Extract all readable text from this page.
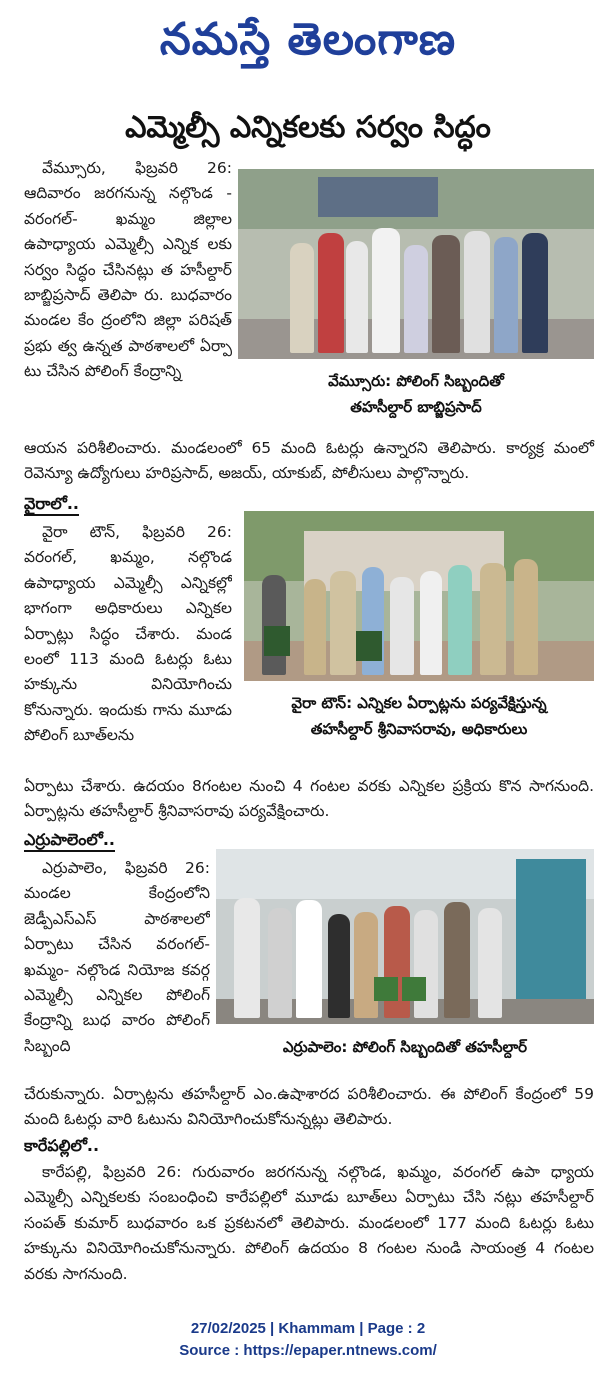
నమస్తే తెలంగాణ
ఎమ్మెల్సీ ఎన్నికలకు సర్వం సిద్ధం

వేమ్సూరు, ఫిబ్రవరి 26: ఆదివారం జరగనున్న నల్గొండ - వరంగల్- ఖమ్మం జిల్లాల ఉపాధ్యాయ ఎమ్మెల్సీ ఎన్నిక లకు సర్వం సిద్ధం చేసినట్లు త హసీల్దార్ బాబ్జిప్రసాద్ తెలిపా రు. బుధవారం మండల కేం ద్రంలోని జిల్లా పరిషత్ ప్రభు త్వ ఉన్నత పాఠశాలలో ఏర్పా టు చేసిన పోలింగ్ కేంద్రాన్ని

వేమ్సూరు: పోలింగ్ సిబ్బందితో
తహసీల్దార్ బాబ్జిప్రసాద్

ఆయన పరిశీలించారు. మండలంలో 65 మంది ఓటర్లు ఉన్నారని తెలిపారు. కార్యక్ర మంలో రెవెన్యూ ఉద్యోగులు హరిప్రసాద్, అజయ్, యాకుబ్, పోలీసులు పాల్గొన్నారు.

వైరాలో..

వైరా టౌన్, ఫిబ్రవరి 26: వరంగల్, ఖమ్మం, నల్గొండ ఉపాధ్యాయ ఎమ్మెల్సీ ఎన్నికల్లో భాగంగా అధికారులు ఎన్నికల ఏర్పాట్లు సిద్ధం చేశారు. మండ లంలో 113 మంది ఓటర్లు ఓటు హక్కును వినియోగించు కోనున్నారు. ఇందుకు గాను మూడు పోలింగ్ బూత్‌లను

వైరా టౌన్: ఎన్నికల ఏర్పాట్లను పర్యవేక్షిస్తున్న
తహసీల్దార్ శ్రీనివాసరావు, అధికారులు

ఏర్పాటు చేశారు. ఉదయం 8గంటల నుంచి 4 గంటల వరకు ఎన్నికల ప్రక్రియ కొన సాగనుంది. ఏర్పాట్లను తహసీల్దార్ శ్రీనివాసరావు పర్యవేక్షించారు.

ఎర్రుపాలెంలో..

ఎర్రుపాలెం, ఫిబ్రవరి 26: మండల కేంద్రంలోని జెడ్పీఎస్ఎస్ పాఠశాలలో ఏర్పాటు చేసిన వరంగల్- ఖమ్మం- నల్గొండ నియోజ కవర్గ ఎమ్మెల్సీ ఎన్నికల పోలింగ్ కేంద్రాన్ని బుధ వారం పోలింగ్ సిబ్బంది	ఎర్రుపాలెం: పోలింగ్ సిబ్బందితో తహసీల్దార్

చేరుకున్నారు. ఏర్పాట్లను తహసీల్దార్ ఎం.ఉషాశారద పరిశీలించారు. ఈ పోలింగ్ కేంద్రంలో 59 మంది ఓటర్లు వారి ఓటును వినియోగించుకోనున్నట్లు తెలిపారు.

కారేపల్లిలో..

కారేపల్లి, ఫిబ్రవరి 26: గురువారం జరగనున్న నల్గొండ, ఖమ్మం, వరంగల్ ఉపా ధ్యాయ ఎమ్మెల్సీ ఎన్నికలకు సంబంధించి కారేపల్లిలో మూడు బూత్‌లు ఏర్పాటు చేసి నట్లు తహసీల్దార్ సంపత్ కుమార్ బుధవారం ఒక ప్రకటనలో తెలిపారు. మండలంలో 177 మంది ఓటర్లు ఓటు హక్కును వినియోగించుకోనున్నారు. పోలింగ్ ఉదయం 8 గంటల నుండి సాయంత్ర 4 గంటల వరకు సాగనుంది.

27/02/2025 | Khammam | Page : 2
Source : https://epaper.ntnews.com/
